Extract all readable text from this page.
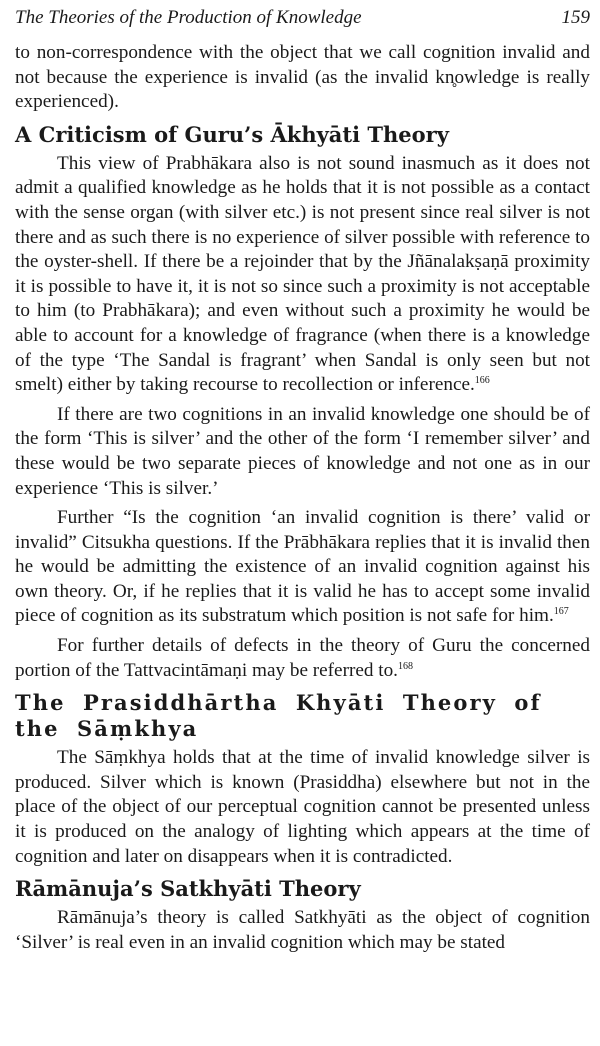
The Theories of the Production of Knowledge	159

to non-correspondence with the object that we call cognition invalid and not because the experience is invalid (as the invalid kn̥owledge is really experienced).

A Criticism of Guru’s Ākhyāti Theory

This view of Prabhākara also is not sound inasmuch as it does not admit a qualified knowledge as he holds that it is not possible as a contact with the sense organ (with silver etc.) is not present since real silver is not there and as such there is no experience of silver possible with reference to the oyster-shell. If there be a rejoinder that by the Jñānalakṣaṇā proximity it is possible to have it, it is not so since such a proximity is not acceptable to him (to Prabhākara); and even without such a proximity he would be able to account for a knowledge of fragrance (when there is a knowledge of the type ‘The Sandal is fragrant’ when Sandal is only seen but not smelt) either by taking recourse to recollection or inference.$^{166}$

If there are two cognitions in an invalid knowledge one should be of the form ‘This is silver’ and the other of the form ‘I remember silver’ and these would be two separate pieces of knowledge and not one as in our experience ‘This is silver.’

Further “Is the cognition ‘an invalid cognition is there’ valid or invalid” Citsukha questions. If the Prābhākara replies that it is invalid then he would be admitting the existence of an invalid cognition against his own theory. Or, if he replies that it is valid he has to accept some invalid piece of cognition as its substratum which position is not safe for him.$^{167}$

For further details of defects in the theory of Guru the concerned portion of the Tattvacintāmaṇi may be referred to.$^{168}$

The Prasiddhārtha Khyāti Theory of the Sāṃkhya

The Sāṃkhya holds that at the time of invalid knowledge silver is produced. Silver which is known (Prasiddha) elsewhere but not in the place of the object of our perceptual cognition cannot be presented unless it is produced on the analogy of lighting which appears at the time of cognition and later on disappears when it is contradicted.

Rāmānuja’s Satkhyāti Theory

Rāmānuja’s theory is called Satkhyāti as the object of cognition ‘Silver’ is real even in an invalid cognition which may be stated
